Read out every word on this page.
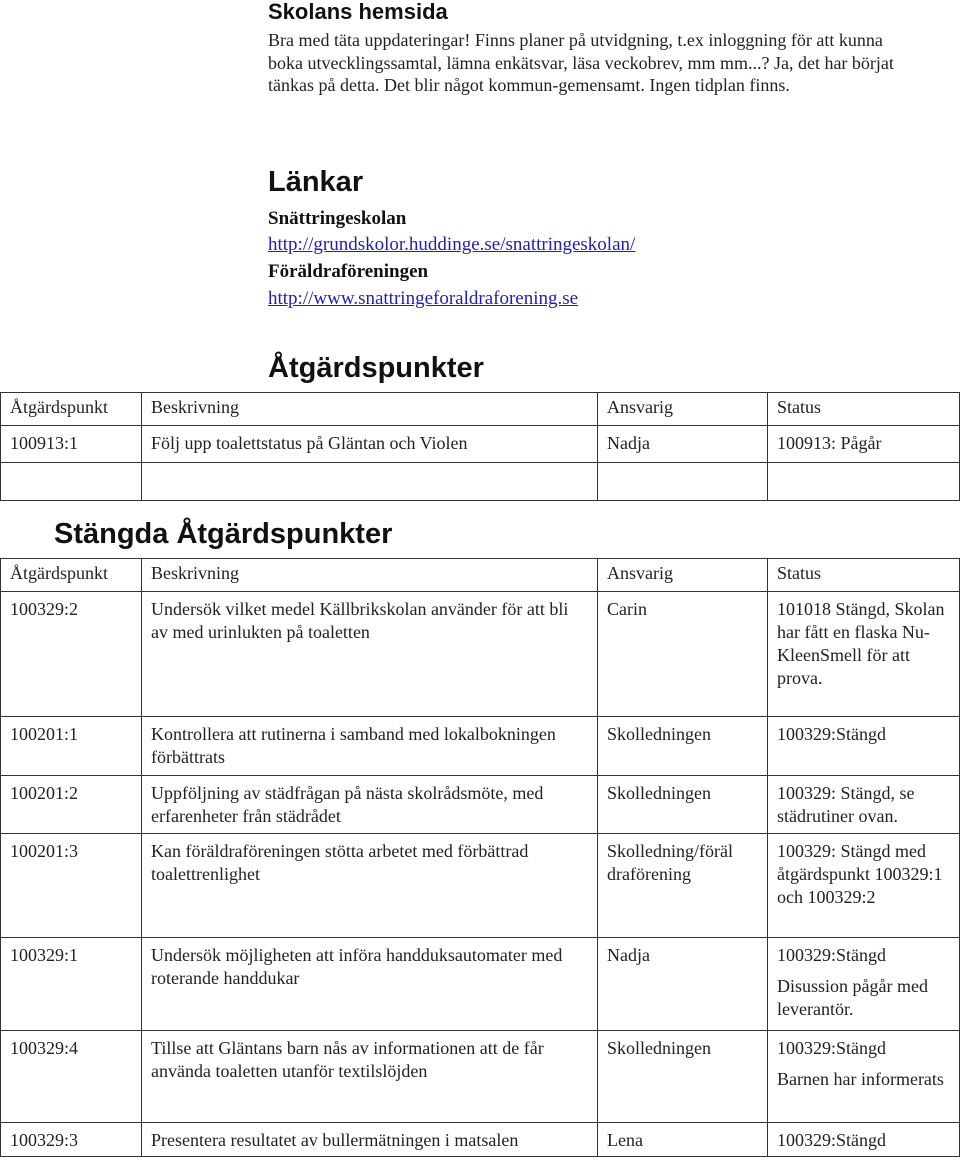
Skolans hemsida
Bra med täta uppdateringar! Finns planer på utvidgning, t.ex inloggning för att kunna boka utvecklingssamtal, lämna enkätsvar, läsa veckobrev, mm mm...? Ja, det har börjat tänkas på detta. Det blir något kommun-gemensamt. Ingen tidplan finns.
Länkar
Snättringeskolan
http://grundskolor.huddinge.se/snattringeskolan/
Föräldraföreningen
http://www.snattringeforaldraforening.se
Åtgärdspunkter
Åtgärdspunkt	Beskrivning	Ansvarig	Status
100913:1	Följ upp toalettstatus på Gläntan och Violen	Nadja	100913: Pågår

Stängda Åtgärdspunkter
Åtgärdspunkt	Beskrivning	Ansvarig	Status
100329:2	Undersök vilket medel Källbrikskolan använder för att bli av med urinlukten på toaletten	Carin	101018 Stängd, Skolan har fått en flaska Nu-KleenSmell för att prova.
100201:1	Kontrollera att rutinerna i samband med lokalbokningen förbättrats	Skolledningen	100329:Stängd
100201:2	Uppföljning av städfrågan på nästa skolrådsmöte, med erfarenheter från städrådet	Skolledningen	100329: Stängd, se städrutiner ovan.
100201:3	Kan föräldraföreningen stötta arbetet med förbättrad toalettrenlighet	Skolledning/föräl draförening	100329: Stängd med åtgärdspunkt 100329:1 och 100329:2
100329:1	Undersök möjligheten att införa handduksautomater med roterande handdukar	Nadja	100329:Stängd
Disussion pågår med leverantör.

100329:4	Tillse att Gläntans barn nås av informationen att de får använda toaletten utanför textilslöjden	Skolledningen	100329:Stängd
Barnen har informerats

100329:3	Presentera resultatet av bullermätningen i matsalen	Lena	100329:Stängd
